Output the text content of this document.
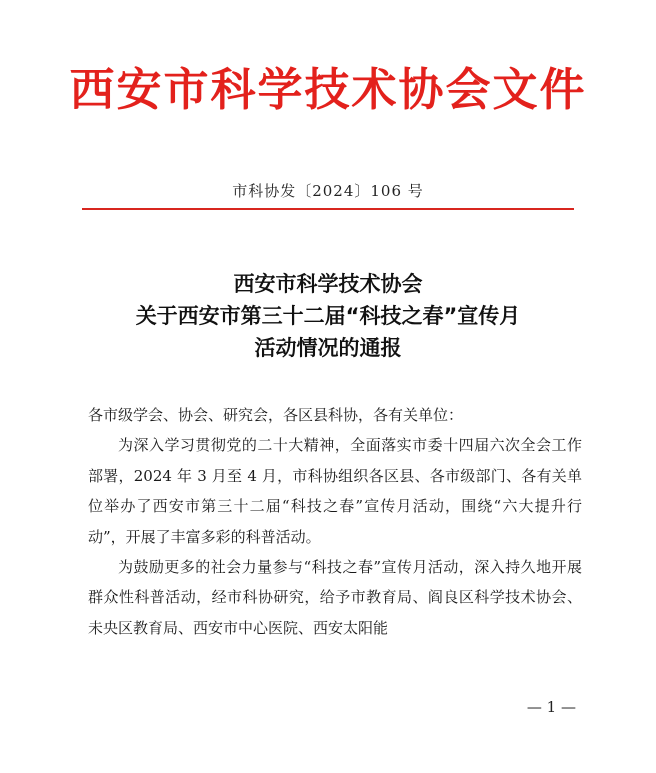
西安市科学技术协会文件
市科协发〔2024〕106 号
西安市科学技术协会
关于西安市第三十二届“科技之春”宣传月
活动情况的通报

各市级学会、协会、研究会，各区县科协，各有关单位：

为深入学习贯彻党的二十大精神，全面落实市委十四届六次全会工作部署，2024 年 3 月至 4 月，市科协组织各区县、各市级部门、各有关单位举办了西安市第三十二届“科技之春”宣传月活动，围绕“六大提升行动”，开展了丰富多彩的科普活动。

为鼓励更多的社会力量参与“科技之春”宣传月活动，深入持久地开展群众性科普活动，经市科协研究，给予市教育局、阎良区科学技术协会、未央区教育局、西安市中心医院、西安太阳能

— 1 —
